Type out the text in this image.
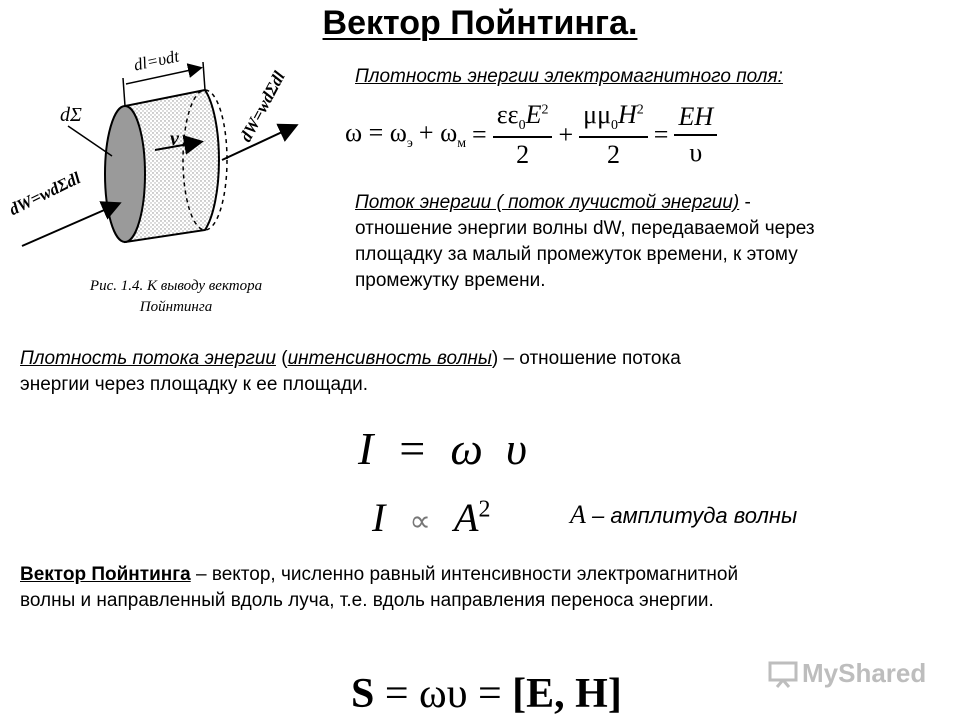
Вектор Пойнтинга.
dl=υdt
dΣ
v	dW=wdΣdl
dW=wdΣdl
Рис. 1.4. К выводу вектора
Пойнтинга
Плотность энергии электромагнитного поля:
$\omega = \omega_э + \omega_м = \frac{\varepsilon\varepsilon_0E^2}{2} + \frac{\mu\mu_0H^2}{2} = \frac{EH}{\upsilon}$
Поток энергии ( поток лучистой энергии) -
отношение энергии волны dW, передаваемой через
площадку за малый промежуток времени, к этому
промежутку времени.
Плотность потока энергии (интенсивность волны) – отношение потока
энергии через площадку к ее площади.
I  =  ω  υ
$I \propto A^2$	A – амплитуда волны
Вектор Пойнтинга – вектор, численно равный интенсивности электромагнитной
волны и направленный вдоль луча, т.е. вдоль направления переноса энергии.

S = ωυ = [E, H]	MyShared
